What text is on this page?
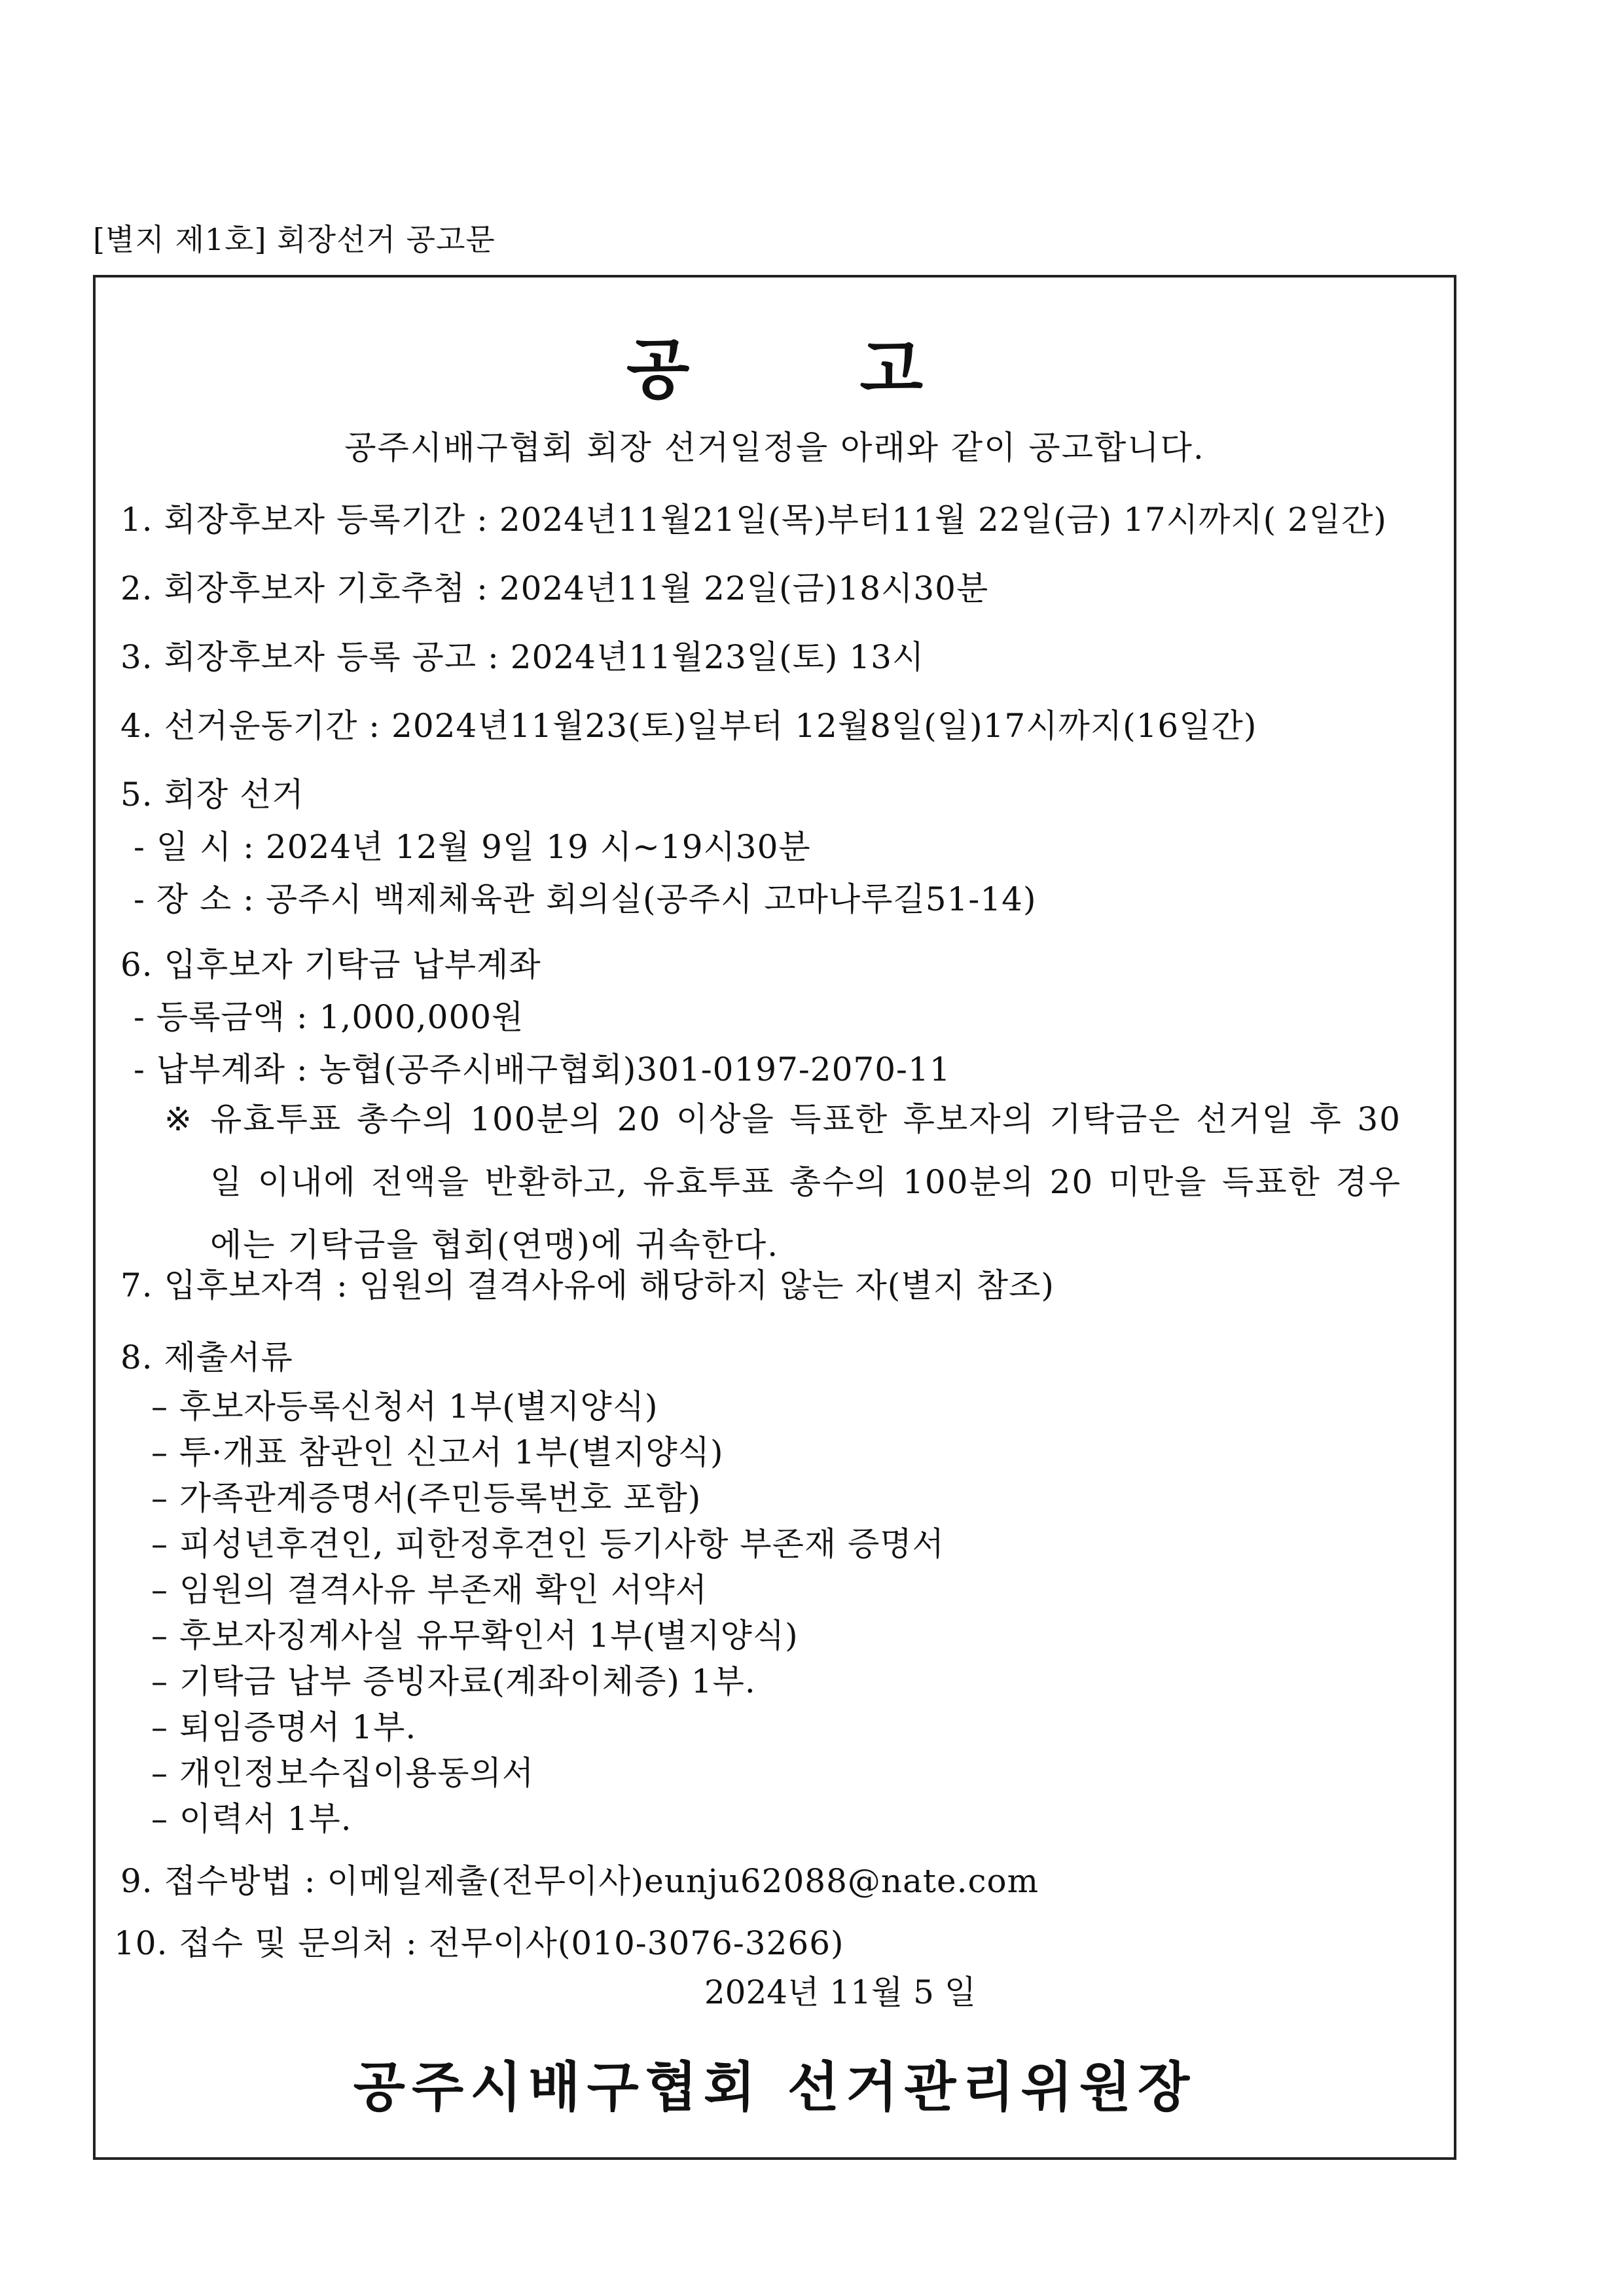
[별지 제1호] 회장선거 공고문
공고
공주시배구협회 회장 선거일정을 아래와 같이 공고합니다.
1. 회장후보자 등록기간 : 2024년11월21일(목)부터11월 22일(금) 17시까지( 2일간)
2. 회장후보자 기호추첨 : 2024년11월 22일(금)18시30분
3. 회장후보자 등록 공고 : 2024년11월23일(토) 13시
4. 선거운동기간 : 2024년11월23(토)일부터 12월8일(일)17시까지(16일간)
5. 회장 선거
- 일 시 : 2024년 12월 9일 19 시~19시30분
- 장 소 : 공주시 백제체육관 회의실(공주시 고마나루길51-14)
6. 입후보자 기탁금 납부계좌
- 등록금액 : 1,000,000원
- 납부계좌 : 농협(공주시배구협회)301-0197-2070-11
※ 유효투표 총수의 100분의 20 이상을 득표한 후보자의 기탁금은 선거일 후 30일 이내에 전액을 반환하고, 유효투표 총수의 100분의 20 미만을 득표한 경우에는 기탁금을 협회(연맹)에 귀속한다.
7. 입후보자격 : 임원의 결격사유에 해당하지 않는 자(별지 참조)
8. 제출서류
– 후보자등록신청서 1부(별지양식)
– 투·개표 참관인 신고서 1부(별지양식)
– 가족관계증명서(주민등록번호 포함)
– 피성년후견인, 피한정후견인 등기사항 부존재 증명서
– 임원의 결격사유 부존재 확인 서약서
– 후보자징계사실 유무확인서 1부(별지양식)
– 기탁금 납부 증빙자료(계좌이체증) 1부.
– 퇴임증명서 1부.
– 개인정보수집이용동의서
– 이력서 1부.
9. 접수방법 : 이메일제출(전무이사)eunju62088@nate.com
10. 접수 및 문의처 : 전무이사(010-3076-3266)
2024년 11월 5 일
공주시배구협회 선거관리위원장
